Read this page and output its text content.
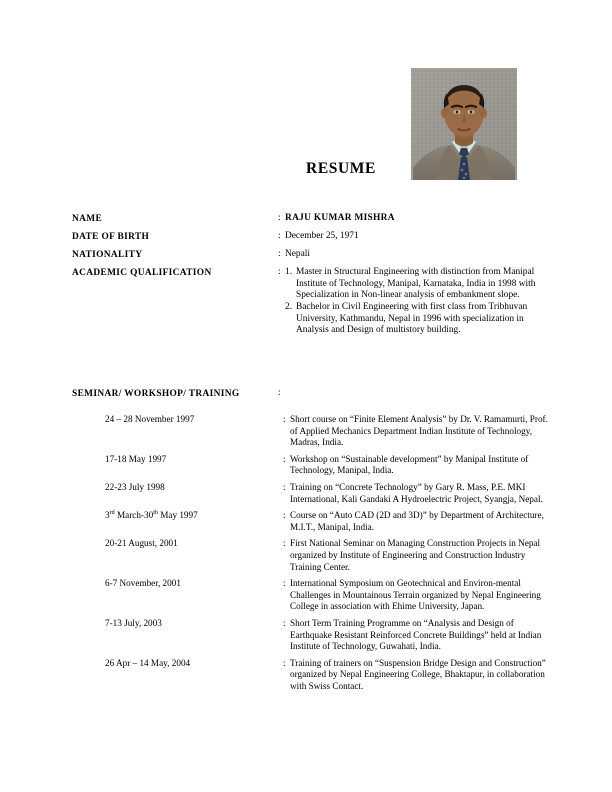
RESUME
NAME	: RAJU KUMAR MISHRA
DATE OF BIRTH	: December 25, 1971
NATIONALITY	: Nepali
ACADEMIC QUALIFICATION	: 1. Master in Structural Engineering with distinction from Manipal Institute of Technology, Manipal, Karnataka, India in 1998 with Specialization in Non-linear analysis of embankment slope.
2. Bachelor in Civil Engineering with first class from Tribhuvan University, Kathmandu, Nepal in 1996 with specialization in Analysis and Design of multistory building.
SEMINAR/ WORKSHOP/ TRAINING	:
24 – 28 November 1997	: Short course on “Finite Element Analysis” by Dr. V. Ramamurti, Prof. of Applied Mechanics Department Indian Institute of Technology, Madras, India.
17-18 May 1997	: Workshop on “Sustainable development” by Manipal Institute of Technology, Manipal, India.
22-23 July 1998	: Training on “Concrete Technology” by Gary R. Mass, P.E. MKI International, Kali Gandaki A Hydroelectric Project, Syangja, Nepal.
3rd March-30th May 1997	: Course on “Auto CAD (2D and 3D)” by Department of Architecture, M.I.T., Manipal, India.
20-21 August, 2001	: First National Seminar on Managing Construction Projects in Nepal organized by Institute of Engineering and Construction Industry Training Center.
6-7 November, 2001	: International Symposium on Geotechnical and Environ-mental Challenges in Mountainous Terrain organized by Nepal Engineering College in association with Ehime University, Japan.
7-13 July, 2003	: Short Term Training Programme on “Analysis and Design of Earthquake Resistant Reinforced Concrete Buildings” held at Indian Institute of Technology, Guwahati, India.
26 Apr – 14 May, 2004	: Training of trainers on “Suspension Bridge Design and Construction” organized by Nepal Engineering College, Bhaktapur, in collaboration with Swiss Contact.
